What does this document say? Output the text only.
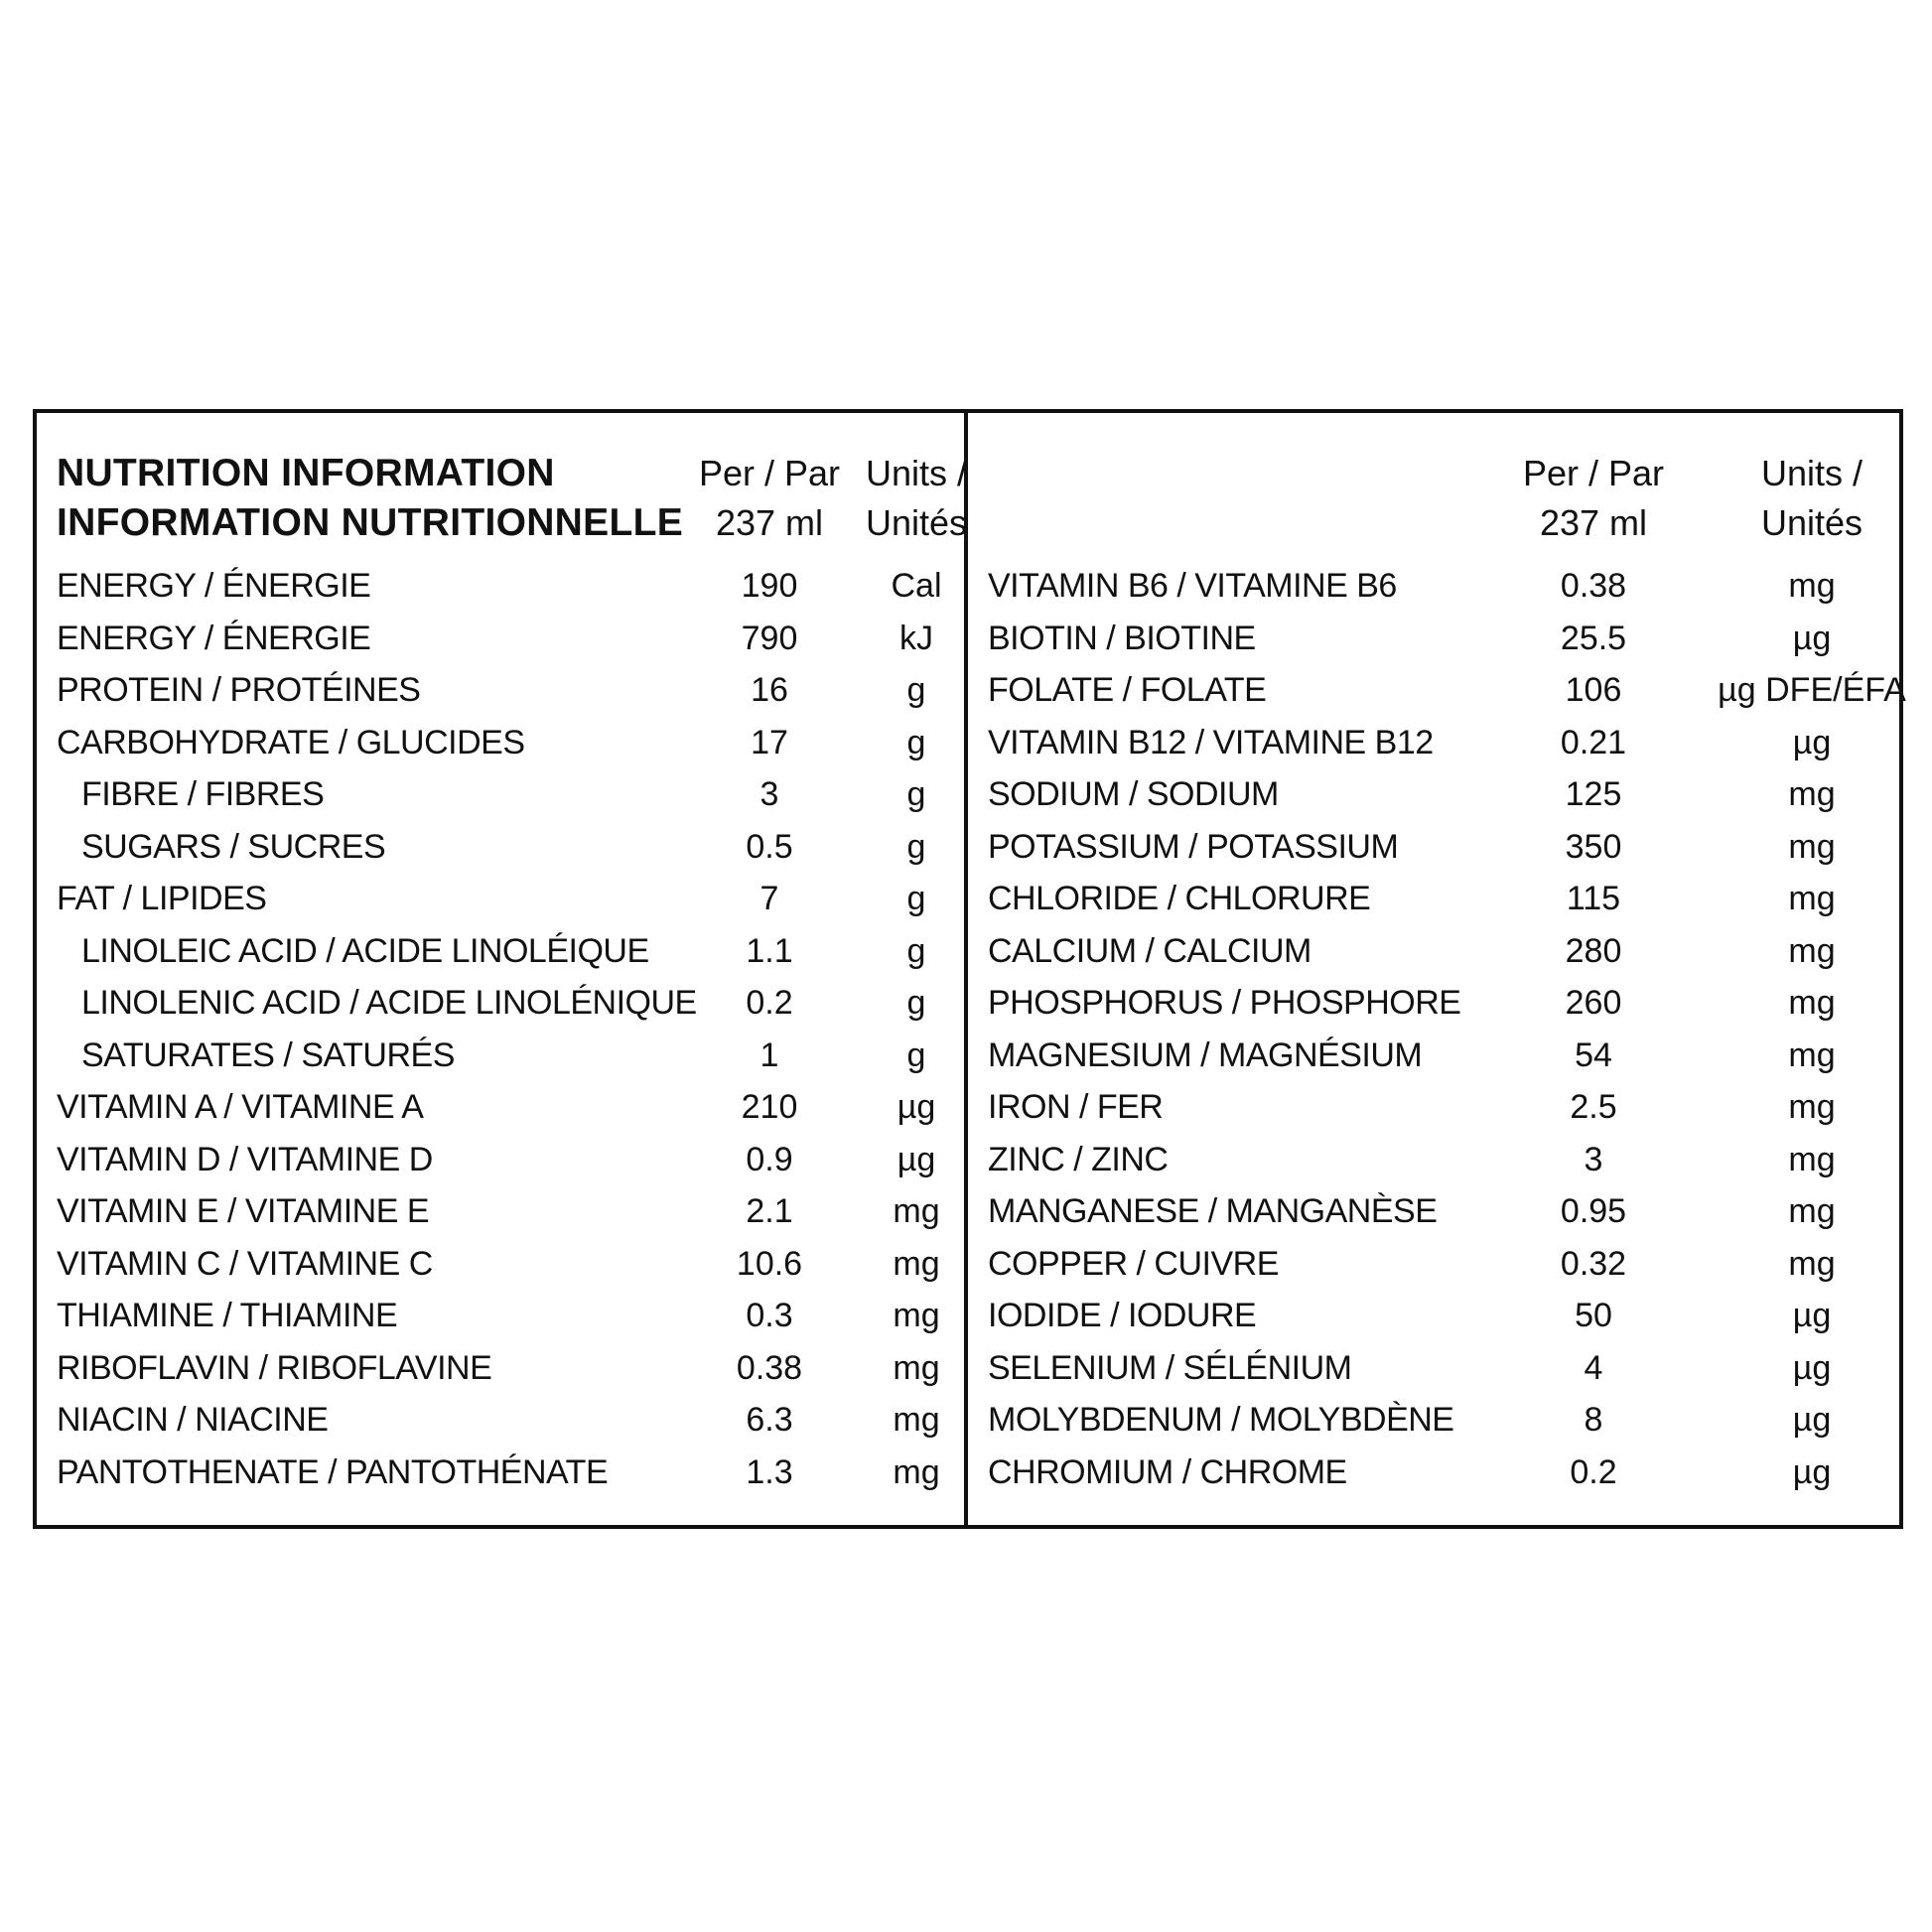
NUTRITION INFORMATION
INFORMATION NUTRITIONNELLE
Per / Par
237 ml
Units /
Unités
ENERGY / ÉNERGIE	190	Cal
ENERGY / ÉNERGIE	790	kJ
PROTEIN / PROTÉINES	16	g
CARBOHYDRATE / GLUCIDES	17	g
FIBRE / FIBRES	3	g
SUGARS / SUCRES	0.5	g
FAT / LIPIDES	7	g
LINOLEIC ACID / ACIDE LINOLÉIQUE	1.1	g
LINOLENIC ACID / ACIDE LINOLÉNIQUE	0.2	g
SATURATES / SATURÉS	1	g
VITAMIN A / VITAMINE A	210	µg
VITAMIN D / VITAMINE D	0.9	µg
VITAMIN E / VITAMINE E	2.1	mg
VITAMIN C / VITAMINE C	10.6	mg
THIAMINE / THIAMINE	0.3	mg
RIBOFLAVIN / RIBOFLAVINE	0.38	mg
NIACIN / NIACINE	6.3	mg
PANTOTHENATE / PANTOTHÉNATE	1.3	mg
Per / Par
237 ml
Units /
Unités
VITAMIN B6 / VITAMINE B6	0.38	mg
BIOTIN / BIOTINE	25.5	µg
FOLATE / FOLATE	106	µg DFE/ÉFA
VITAMIN B12 / VITAMINE B12	0.21	µg
SODIUM / SODIUM	125	mg
POTASSIUM / POTASSIUM	350	mg
CHLORIDE / CHLORURE	115	mg
CALCIUM / CALCIUM	280	mg
PHOSPHORUS / PHOSPHORE	260	mg
MAGNESIUM / MAGNÉSIUM	54	mg
IRON / FER	2.5	mg
ZINC / ZINC	3	mg
MANGANESE / MANGANÈSE	0.95	mg
COPPER / CUIVRE	0.32	mg
IODIDE / IODURE	50	µg
SELENIUM / SÉLÉNIUM	4	µg
MOLYBDENUM / MOLYBDÈNE	8	µg
CHROMIUM / CHROME	0.2	µg
